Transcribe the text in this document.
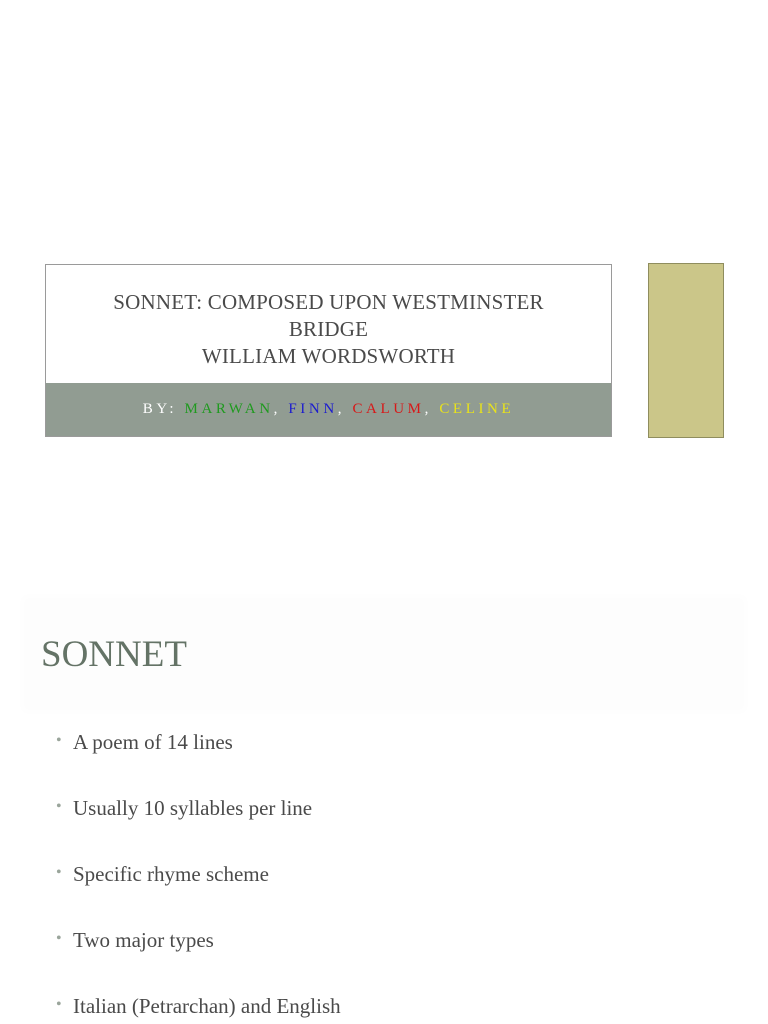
SONNET: COMPOSED UPON WESTMINSTER
BRIDGE
WILLIAM WORDSWORTH
BY: MARWAN, FINN, CALUM, CELINE
SONNET
• A poem of 14 lines
• Usually 10 syllables per line
• Specific rhyme scheme
• Two major types
• Italian (Petrarchan) and English
